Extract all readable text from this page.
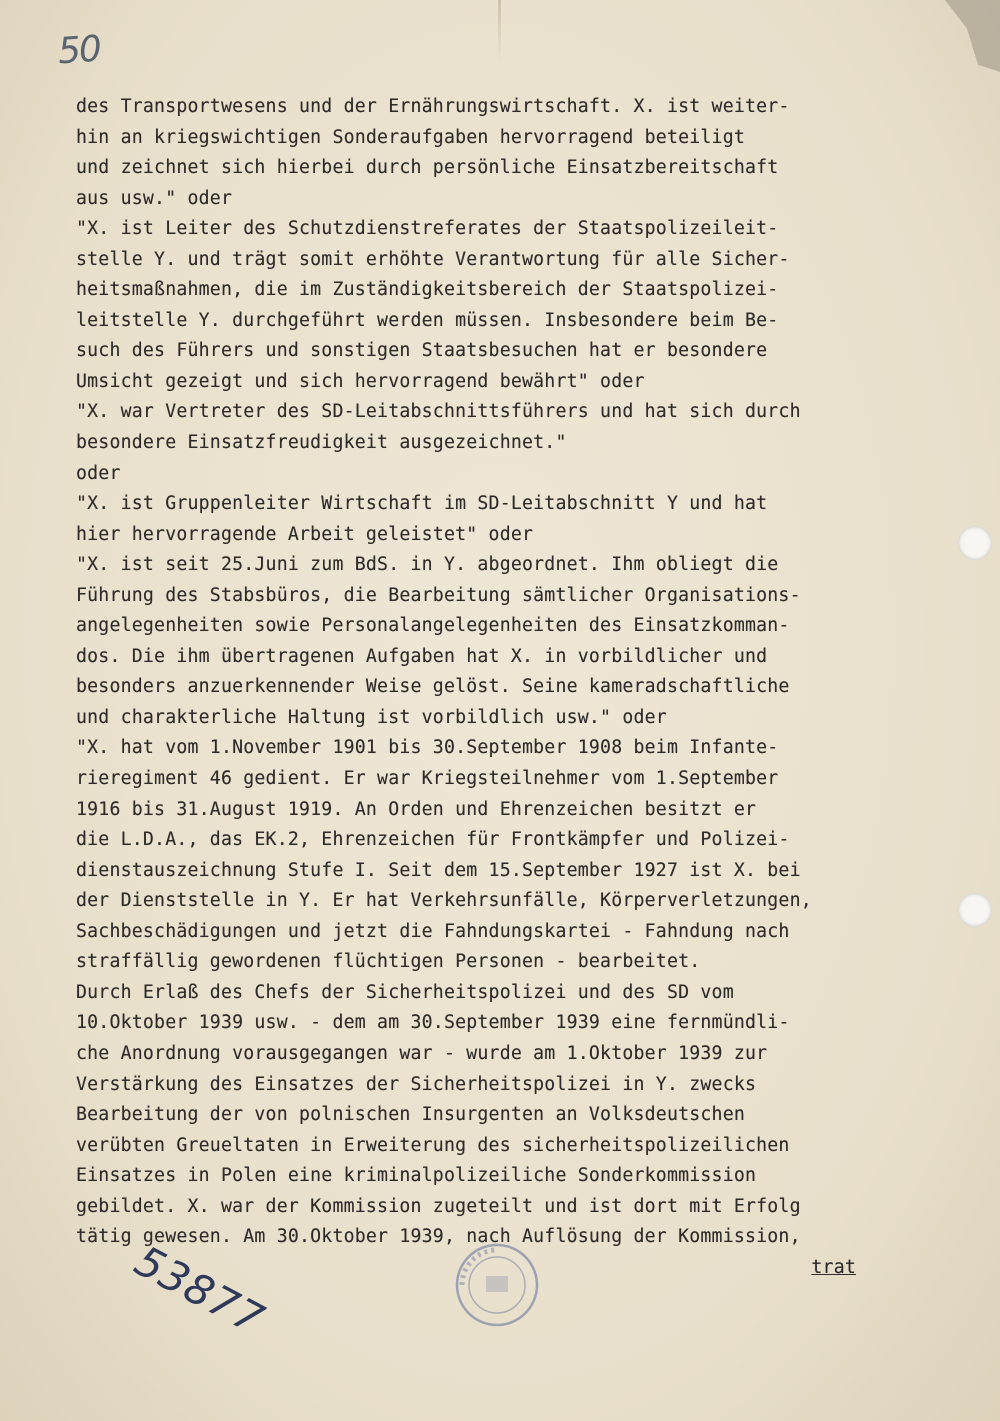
50
des Transportwesens und der Ernährungswirtschaft. X. ist weiter-
hin an kriegswichtigen Sonderaufgaben hervorragend beteiligt
und zeichnet sich hierbei durch persönliche Einsatzbereitschaft
aus usw." oder
"X. ist Leiter des Schutzdienstreferates der Staatspolizeileit-
stelle Y. und trägt somit erhöhte Verantwortung für alle Sicher-
heitsmaßnahmen, die im Zuständigkeitsbereich der Staatspolizei-
leitstelle Y. durchgeführt werden müssen. Insbesondere beim Be-
such des Führers und sonstigen Staatsbesuchen hat er besondere
Umsicht gezeigt und sich hervorragend bewährt" oder
"X. war Vertreter des SD-Leitabschnittsführers und hat sich durch
besondere Einsatzfreudigkeit ausgezeichnet."
oder
"X. ist Gruppenleiter Wirtschaft im SD-Leitabschnitt Y und hat
hier hervorragende Arbeit geleistet" oder
"X. ist seit 25.Juni zum BdS. in Y. abgeordnet. Ihm obliegt die
Führung des Stabsbüros, die Bearbeitung sämtlicher Organisations-
angelegenheiten sowie Personalangelegenheiten des Einsatzkomman-
dos. Die ihm übertragenen Aufgaben hat X. in vorbildlicher und
besonders anzuerkennender Weise gelöst. Seine kameradschaftliche
und charakterliche Haltung ist vorbildlich usw." oder
"X. hat vom 1.November 1901 bis 30.September 1908 beim Infante-
rieregiment 46 gedient. Er war Kriegsteilnehmer vom 1.September
1916 bis 31.August 1919. An Orden und Ehrenzeichen besitzt er
die L.D.A., das EK.2, Ehrenzeichen für Frontkämpfer und Polizei-
dienstauszeichnung Stufe I. Seit dem 15.September 1927 ist X. bei
der Dienststelle in Y. Er hat Verkehrsunfälle, Körperverletzungen,
Sachbeschädigungen und jetzt die Fahndungskartei - Fahndung nach
straffällig gewordenen flüchtigen Personen - bearbeitet.
Durch Erlaß des Chefs der Sicherheitspolizei und des SD vom
10.Oktober 1939 usw. - dem am 30.September 1939 eine fernmündli-
che Anordnung vorausgegangen war - wurde am 1.Oktober 1939 zur
Verstärkung des Einsatzes der Sicherheitspolizei in Y. zwecks
Bearbeitung der von polnischen Insurgenten an Volksdeutschen
verübten Greueltaten in Erweiterung des sicherheitspolizeilichen
Einsatzes in Polen eine kriminalpolizeiliche Sonderkommission
gebildet. X. war der Kommission zugeteilt und ist dort mit Erfolg
tätig gewesen. Am 30.Oktober 1939, nach Auflösung der Kommission,
trat
53877
